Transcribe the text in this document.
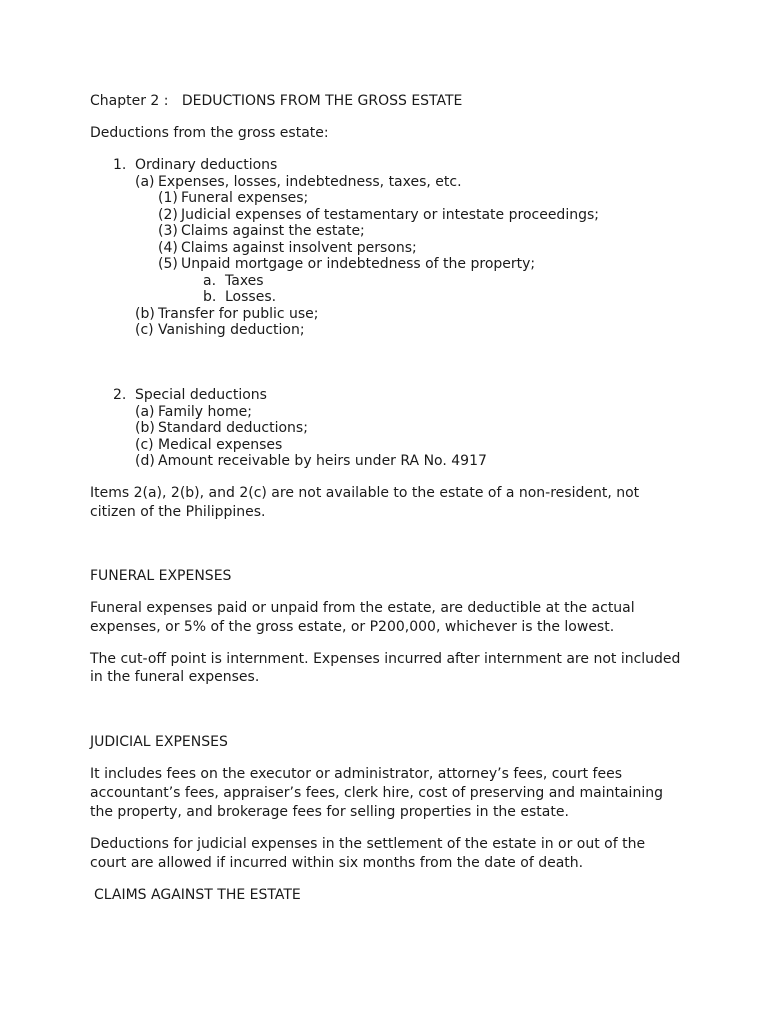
Chapter 2 : DEDUCTIONS FROM THE GROSS ESTATE
Deductions from the gross estate:
1. Ordinary deductions
(a) Expenses, losses, indebtedness, taxes, etc.
(1) Funeral expenses;
(2) Judicial expenses of testamentary or intestate proceedings;
(3) Claims against the estate;
(4) Claims against insolvent persons;
(5) Unpaid mortgage or indebtedness of the property;
a. Taxes
b. Losses.
(b) Transfer for public use;
(c) Vanishing deduction;
2. Special deductions
(a) Family home;
(b) Standard deductions;
(c) Medical expenses
(d) Amount receivable by heirs under RA No. 4917
Items 2(a), 2(b), and 2(c) are not available to the estate of a non-resident, not
citizen of the Philippines.
FUNERAL EXPENSES
Funeral expenses paid or unpaid from the estate, are deductible at the actual
expenses, or 5% of the gross estate, or P200,000, whichever is the lowest.
The cut-off point is internment. Expenses incurred after internment are not included
in the funeral expenses.
JUDICIAL EXPENSES
It includes fees on the executor or administrator, attorney’s fees, court fees
accountant’s fees, appraiser’s fees, clerk hire, cost of preserving and maintaining
the property, and brokerage fees for selling properties in the estate.
Deductions for judicial expenses in the settlement of the estate in or out of the
court are allowed if incurred within six months from the date of death.
CLAIMS AGAINST THE ESTATE
